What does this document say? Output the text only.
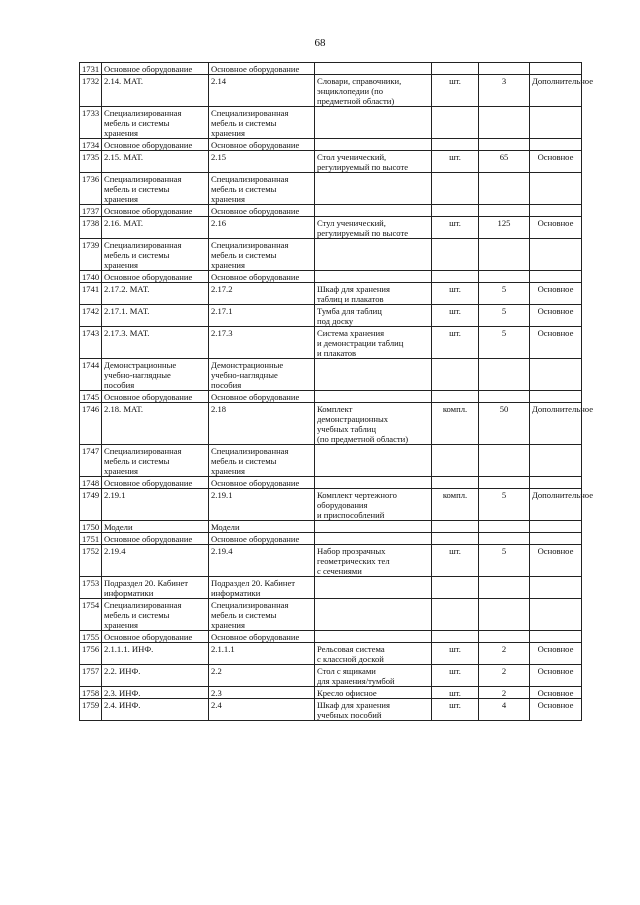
68
1731	Основное оборудование	Основное оборудование				
1732	2.14. МАТ.	2.14	Словари, справочники,
энциклопедии (по
предметной области)	шт.	3	Дополнительное
1733	Специализированная
мебель и системы
хранения	Специализированная
мебель и системы
хранения				
1734	Основное оборудование	Основное оборудование				
1735	2.15. МАТ.	2.15	Стол ученический,
регулируемый по высоте	шт.	65	Основное
1736	Специализированная
мебель и системы
хранения	Специализированная
мебель и системы
хранения				
1737	Основное оборудование	Основное оборудование				
1738	2.16. МАТ.	2.16	Стул ученический,
регулируемый по высоте	шт.	125	Основное
1739	Специализированная
мебель и системы
хранения	Специализированная
мебель и системы
хранения				
1740	Основное оборудование	Основное оборудование				
1741	2.17.2. МАТ.	2.17.2	Шкаф для хранения
таблиц и плакатов	шт.	5	Основное
1742	2.17.1. МАТ.	2.17.1	Тумба для таблиц
под доску	шт.	5	Основное
1743	2.17.3. МАТ.	2.17.3	Система хранения
и демонстрации таблиц
и плакатов	шт.	5	Основное
1744	Демонстрационные
учебно-наглядные
пособия	Демонстрационные
учебно-наглядные
пособия				
1745	Основное оборудование	Основное оборудование				
1746	2.18. МАТ.	2.18	Комплект
демонстрационных
учебных таблиц
(по предметной области)	компл.	50	Дополнительное
1747	Специализированная
мебель и системы
хранения	Специализированная
мебель и системы
хранения				
1748	Основное оборудование	Основное оборудование				
1749	2.19.1	2.19.1	Комплект чертежного
оборудования
и приспособлений	компл.	5	Дополнительное
1750	Модели	Модели				
1751	Основное оборудование	Основное оборудование				
1752	2.19.4	2.19.4	Набор прозрачных
геометрических тел
с сечениями	шт.	5	Основное
1753	Подраздел 20. Кабинет
информатики	Подраздел 20. Кабинет
информатики				
1754	Специализированная
мебель и системы
хранения	Специализированная
мебель и системы
хранения				
1755	Основное оборудование	Основное оборудование				
1756	2.1.1.1. ИНФ.	2.1.1.1	Рельсовая система
с классной доской	шт.	2	Основное
1757	2.2. ИНФ.	2.2	Стол с ящиками
для хранения/тумбой	шт.	2	Основное
1758	2.3. ИНФ.	2.3	Кресло офисное	шт.	2	Основное
1759	2.4. ИНФ.	2.4	Шкаф для хранения
учебных пособий	шт.	4	Основное
